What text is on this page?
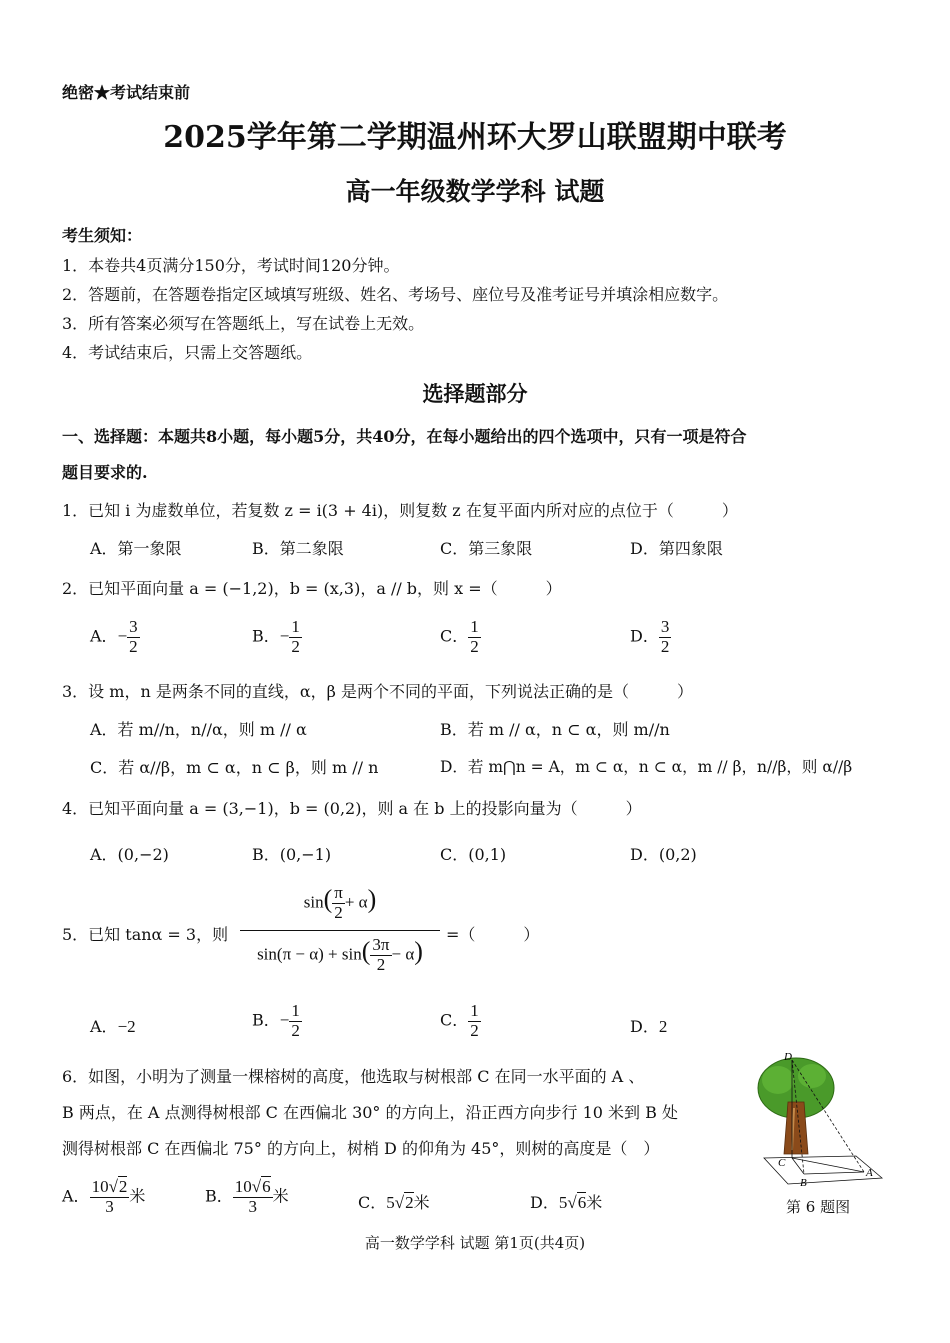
绝密★考试结束前
2025学年第二学期温州环大罗山联盟期中联考
高一年级数学学科 试题
考生须知：
1．本卷共4页满分150分，考试时间120分钟。
2．答题前，在答题卷指定区域填写班级、姓名、考场号、座位号及准考证号并填涂相应数字。
3．所有答案必须写在答题纸上，写在试卷上无效。
4．考试结束后，只需上交答题纸。
选择题部分
一、选择题：本题共8小题，每小题5分，共40分，在每小题给出的四个选项中，只有一项是符合
题目要求的.
1．已知 i 为虚数单位，若复数 z = i(3 + 4i)，则复数 z 在复平面内所对应的点位于（　　　）
A．第一象限	B．第二象限	C．第三象限	D．第四象限
2．已知平面向量 a = (−1,2)，b = (x,3)，a // b，则 x =（　　　）
A．− $\frac{3}{2}$	B．− $\frac{1}{2}$	C． $\frac{1}{2}$	D． $\frac{3}{2}$
3．设 m，n 是两条不同的直线，α，β 是两个不同的平面，下列说法正确的是（　　　）
A．若 m//n，n//α，则 m // α	B．若 m // α，n ⊂ α，则 m//n
C．若 α//β，m ⊂ α，n ⊂ β，则 m // n	D．若 m⋂n = A，m ⊂ α，n ⊂ α，m // β，n//β，则 α//β
4．已知平面向量 a = (3,−1)，b = (0,2)，则 a 在 b 上的投影向量为（　　　）
A．(0,−2)	B．(0,−1)	C．(0,1)	D．(0,2)
5．已知 tanα = 3，则
$\sin( \frac{\pi}{2} + \alpha)$
$\sin(\pi - \alpha) + \sin( \frac{3\pi}{2} - \alpha)$
=（　　　）
A．−2	B．− $\frac{1}{2}$	C． $\frac{1}{2}$	D．2
6．如图，小明为了测量一棵榕树的高度，他选取与树根部 C 在同一水平面的 A 、
B 两点，在 A 点测得树根部 C 在西偏北 30° 的方向上，沿正西方向步行 10 米到 B 处
测得树根部 C 在西偏北 75° 的方向上，树梢 D 的仰角为 45°，则树的高度是（　）
A． $\frac{10√2}{3}$ 米	B． $\frac{10√6}{3}$ 米	C．5√2米	D．5√6米
D
C
B
A
第 6 题图
高一数学学科 试题 第1页(共4页)
